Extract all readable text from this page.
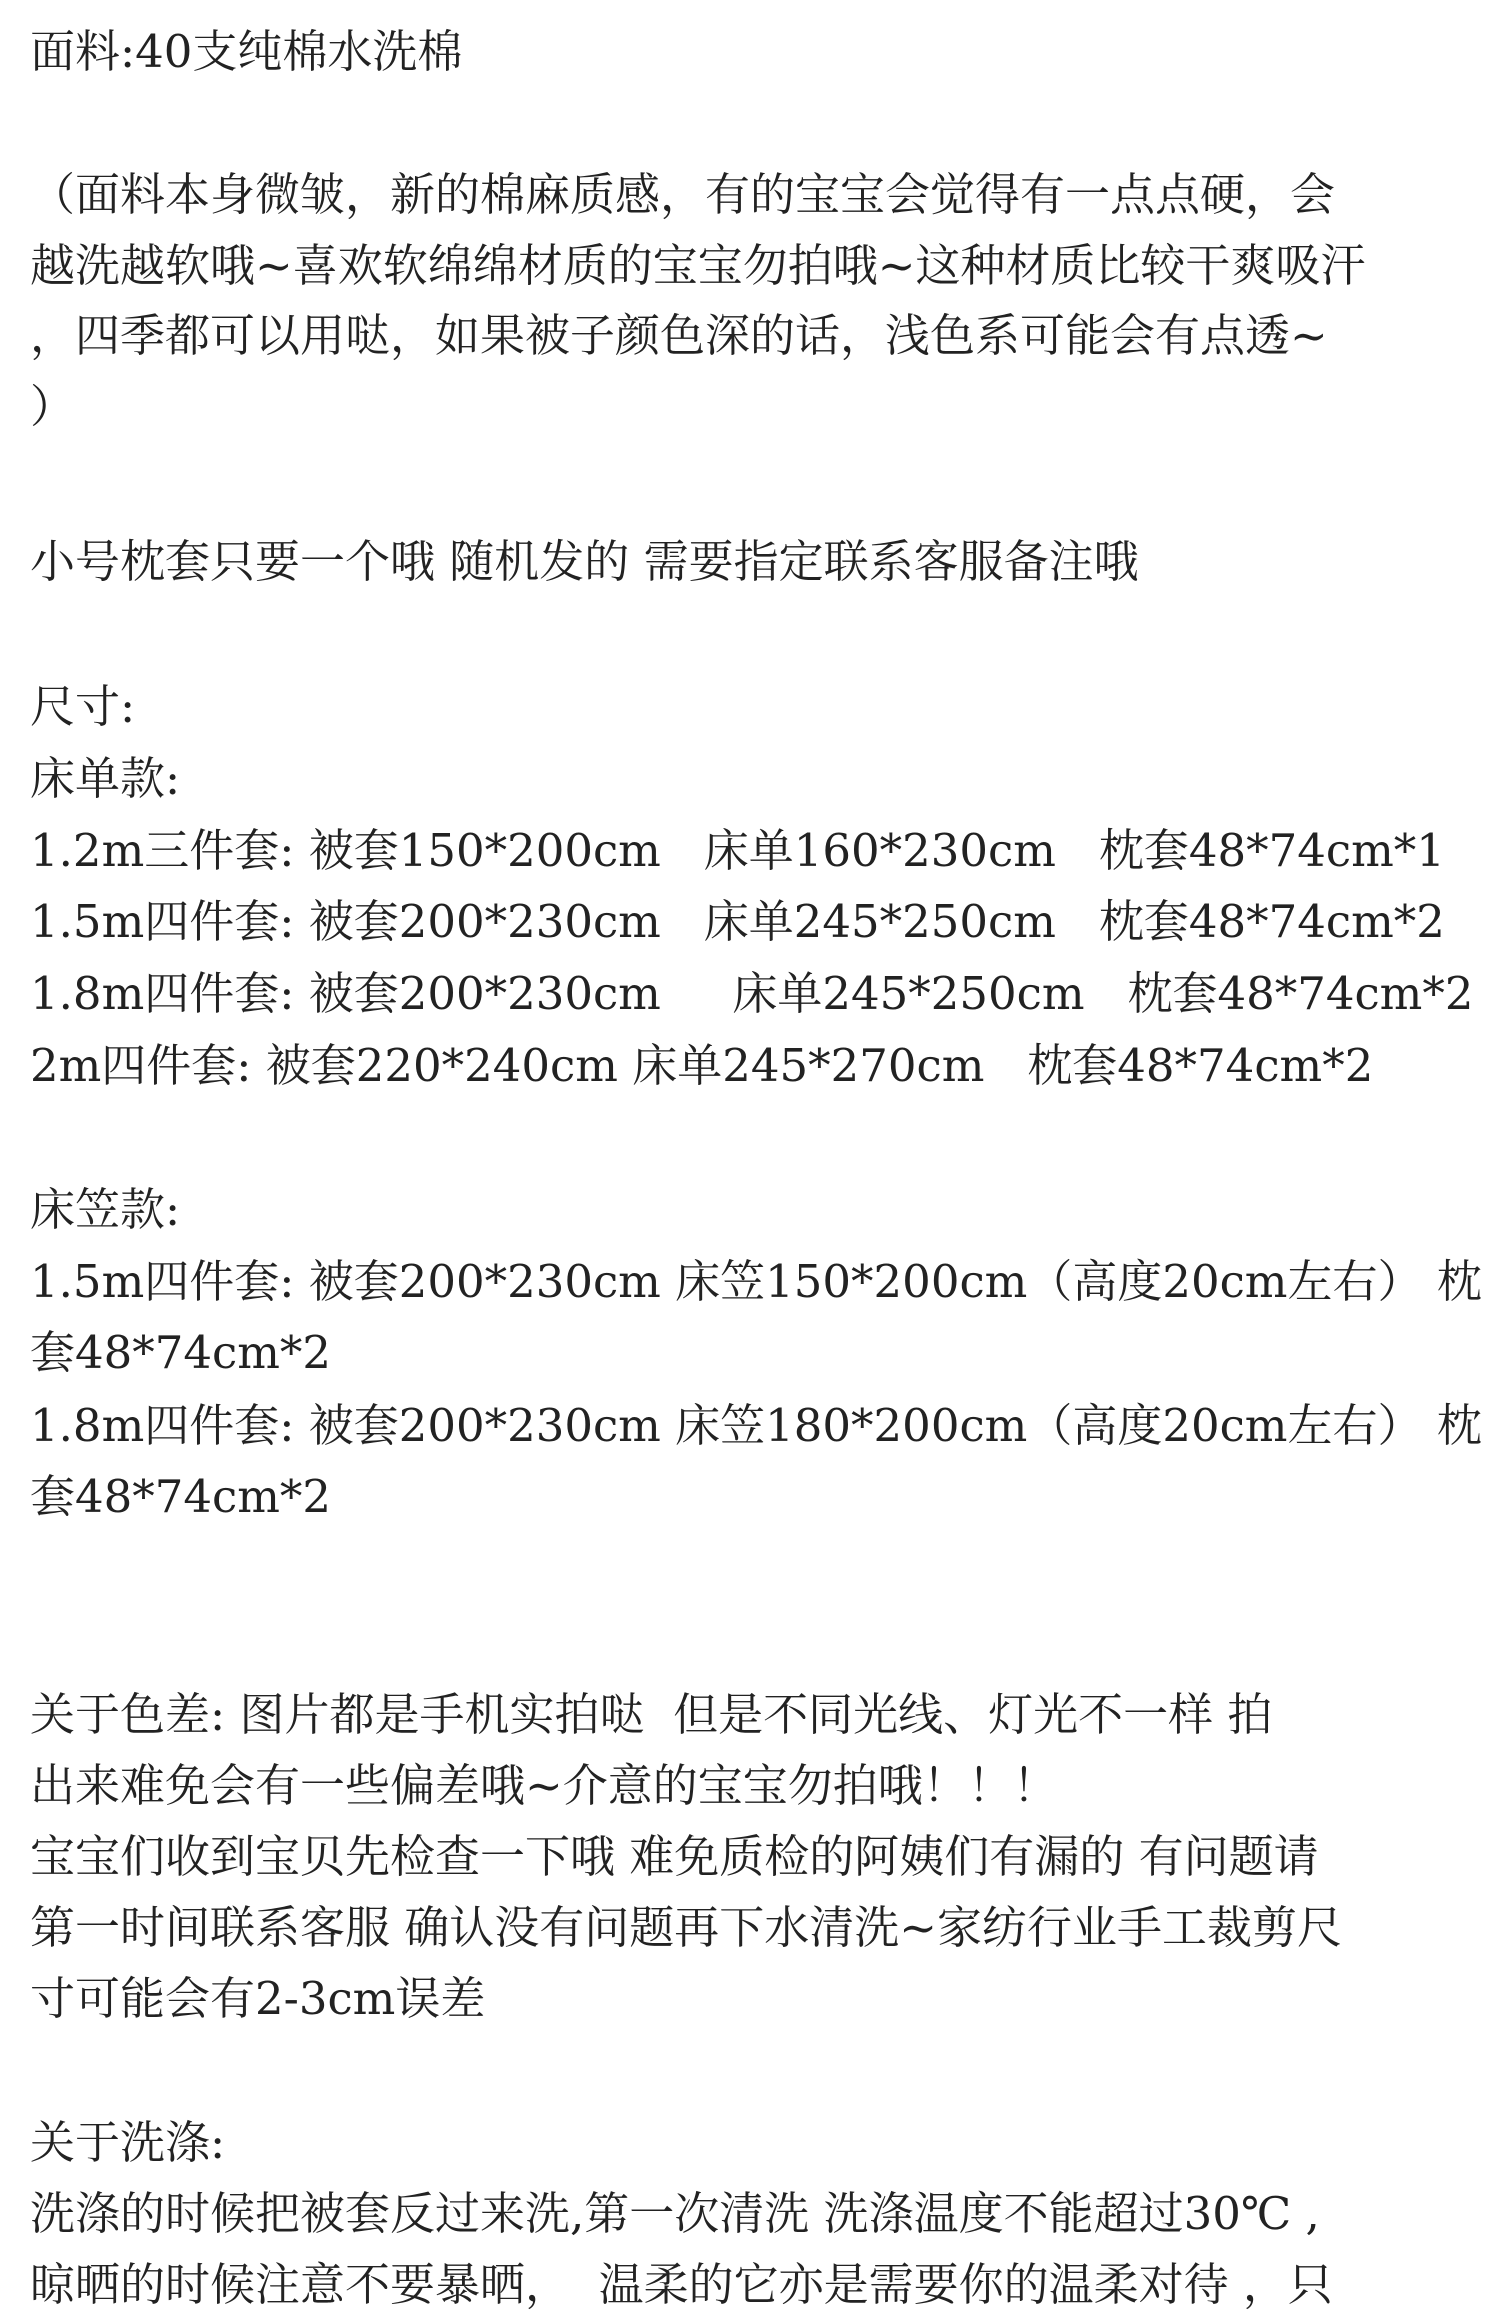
面料:40支纯棉水洗棉
（面料本身微皱，新的棉麻质感，有的宝宝会觉得有一点点硬，会
越洗越软哦~喜欢软绵绵材质的宝宝勿拍哦~这种材质比较干爽吸汗
，四季都可以用哒，如果被子颜色深的话，浅色系可能会有点透~
）
小号枕套只要一个哦 随机发的 需要指定联系客服备注哦
尺寸:
床单款:
1.2m三件套: 被套150*200cm   床单160*230cm   枕套48*74cm*1
1.5m四件套: 被套200*230cm   床单245*250cm   枕套48*74cm*2
1.8m四件套: 被套200*230cm     床单245*250cm   枕套48*74cm*2
2m四件套: 被套220*240cm 床单245*270cm   枕套48*74cm*2
床笠款:
1.5m四件套: 被套200*230cm 床笠150*200cm（高度20cm左右） 枕
套48*74cm*2
1.8m四件套: 被套200*230cm 床笠180*200cm（高度20cm左右） 枕
套48*74cm*2
关于色差: 图片都是手机实拍哒  但是不同光线、灯光不一样 拍
出来难免会有一些偏差哦~介意的宝宝勿拍哦！！！
宝宝们收到宝贝先检查一下哦 难免质检的阿姨们有漏的 有问题请
第一时间联系客服 确认没有问题再下水清洗~家纺行业手工裁剪尺
寸可能会有2-3cm误差
关于洗涤:
洗涤的时候把被套反过来洗,第一次清洗 洗涤温度不能超过30℃ ,
晾晒的时候注意不要暴晒，  温柔的它亦是需要你的温柔对待 ，只
